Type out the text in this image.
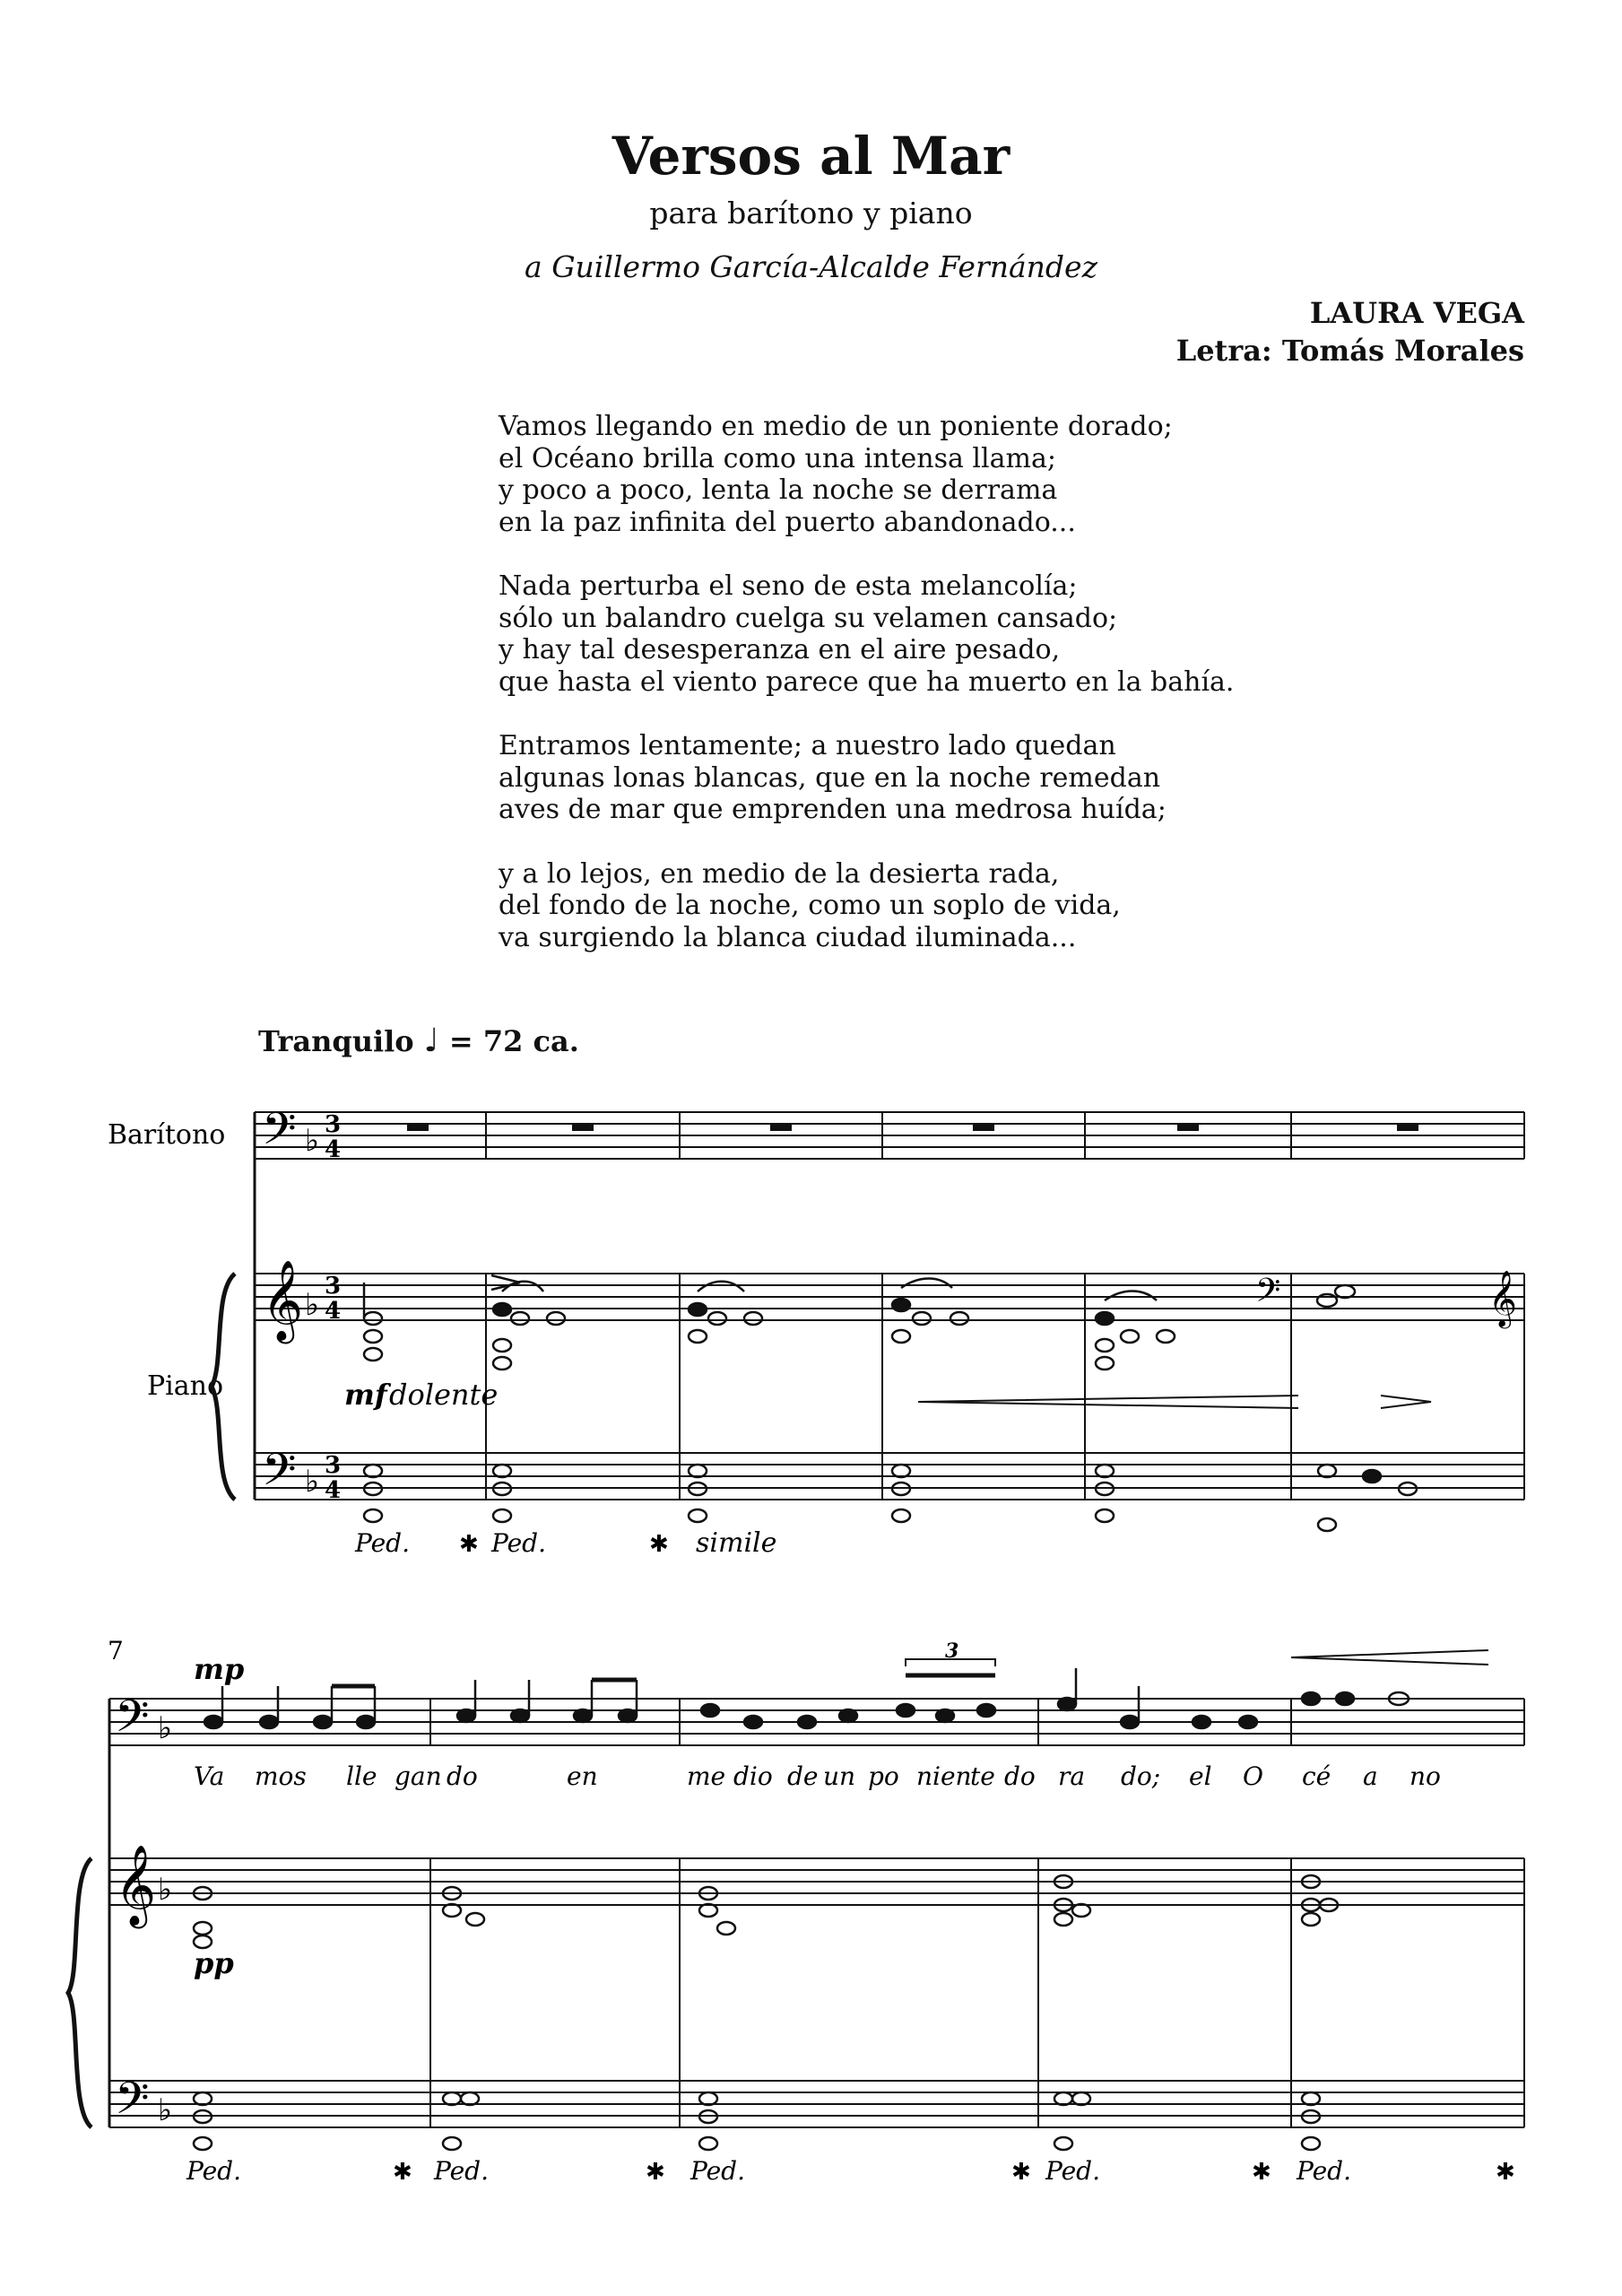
Versos al Mar
para barítono y piano
a Guillermo García-Alcalde Fernández
LAURA VEGA
Letra: Tomás Morales
Vamos llegando en medio de un poniente dorado;
el Océano brilla como una intensa llama;
y poco a poco, lenta la noche se derrama
en la paz infinita del puerto abandonado...
Nada perturba el seno de esta melancolía;
sólo un balandro cuelga su velamen cansado;
y hay tal desesperanza en el aire pesado,
que hasta el viento parece que ha muerto en la bahía.
Entramos lentamente; a nuestro lado quedan
algunas lonas blancas, que en la noche remedan
aves de mar que emprenden una medrosa huída;
y a lo lejos, en medio de la desierta rada,
del fondo de la noche, como un soplo de vida,
va surgiendo la blanca ciudad iluminada...
Tranquilo ♩ = 72 ca.
Barítono
Piano
𝄢 ♭ 3
4
𝄞 ♭
3
4
𝄢 ♭ 3
4
𝄢	𝄞
mf dolente
Ped. ✱ Ped.	✱ simile
7
mp
𝄢 ♭
3
Va mos lle gan do	en	me dio de un po nien
te do ra do; el O cé a no
𝄞 ♭
𝄢 ♭
pp
Ped.	Ped.	Ped.	Ped.	Ped.
✱	✱	✱	✱	✱
